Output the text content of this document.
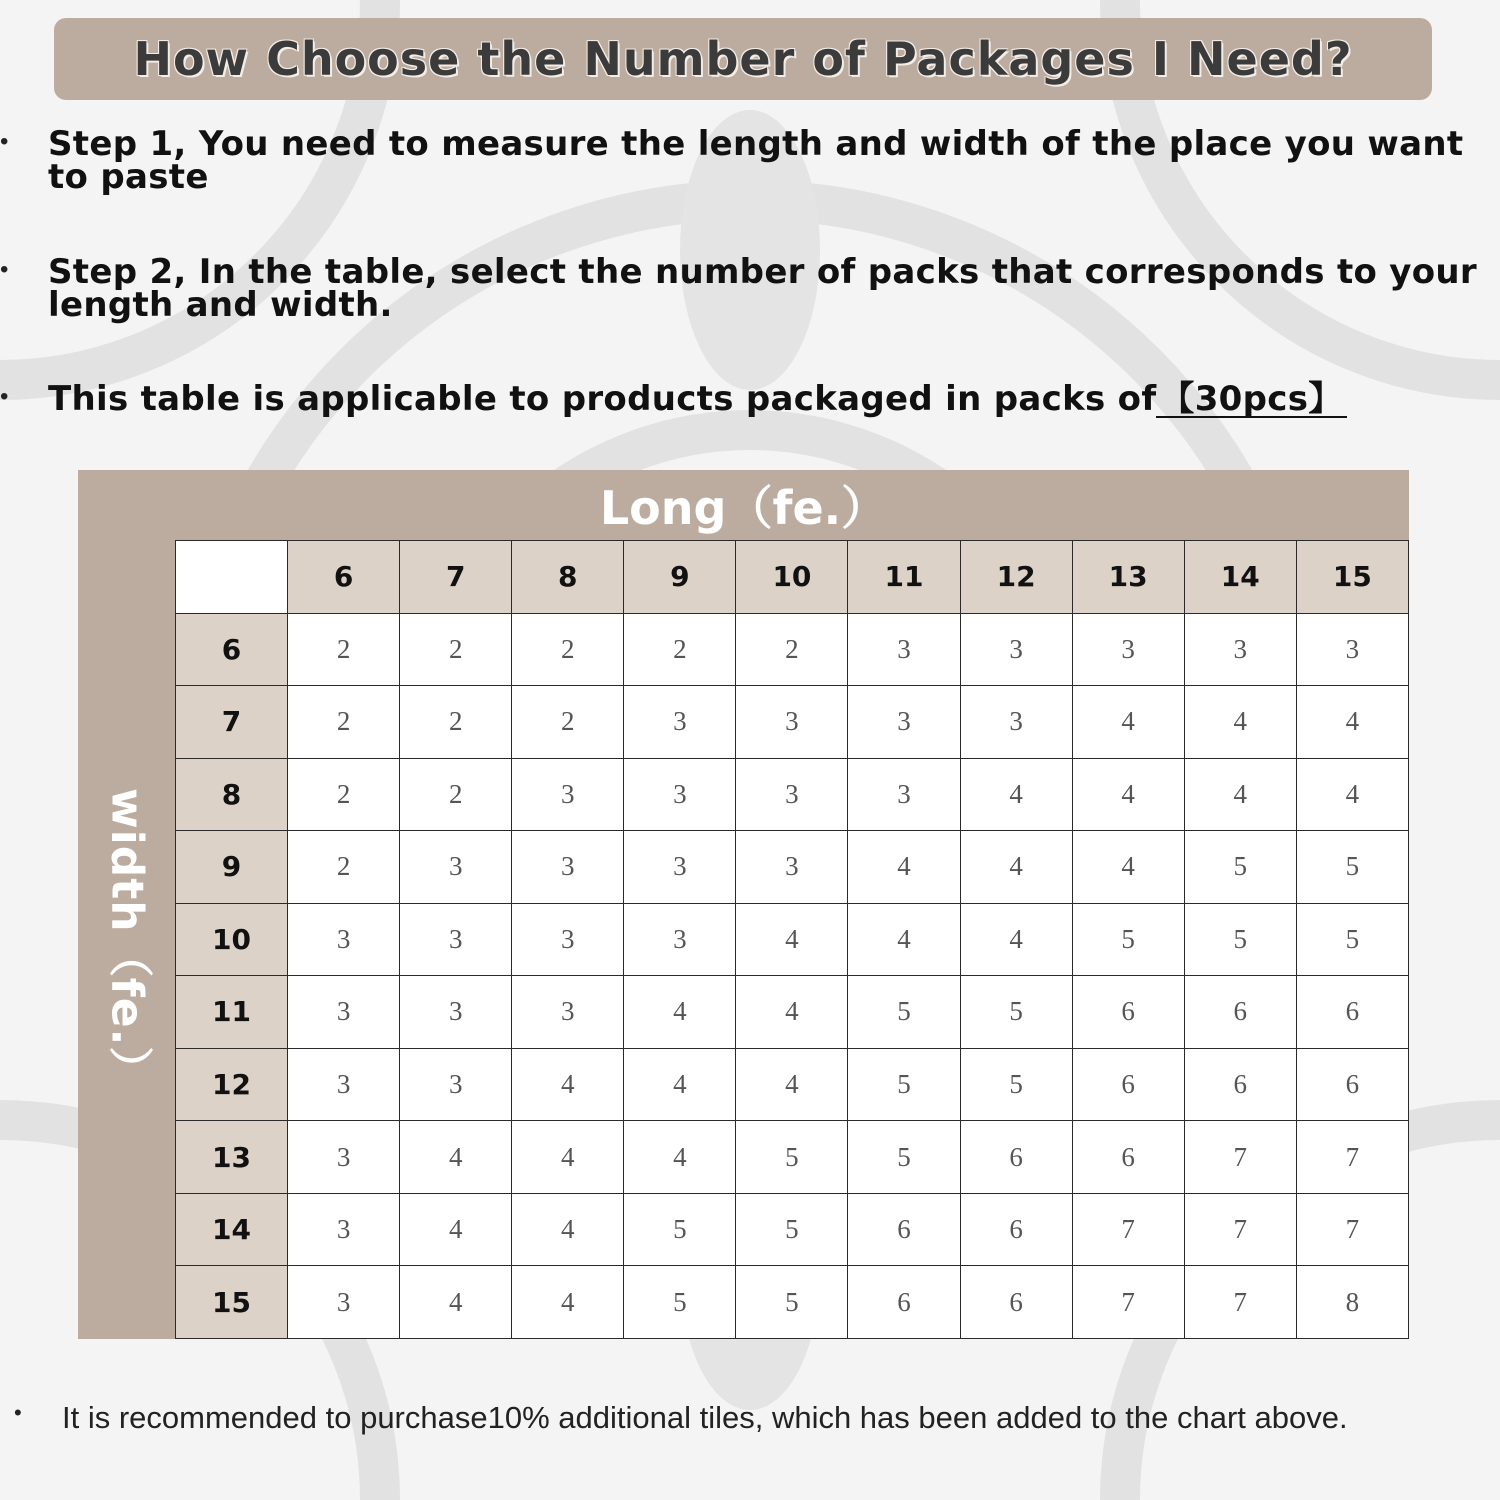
How Choose the Number of Packages I Need?
• Step 1, You need to measure the length and width of the place you want to paste
• Step 2, In the table, select the number of packs that corresponds to your length and width.
• This table is applicable to products packaged in packs of 【30pcs】
Long（fe.）
width（fe.）
	6	7	8	9	10	11	12	13	14	15
6	2	2	2	2	2	3	3	3	3	3
7	2	2	2	3	3	3	3	4	4	4
8	2	2	3	3	3	3	4	4	4	4
9	2	3	3	3	3	4	4	4	5	5
10	3	3	3	3	4	4	4	5	5	5
11	3	3	3	4	4	5	5	6	6	6
12	3	3	4	4	4	5	5	6	6	6
13	3	4	4	4	5	5	6	6	7	7
14	3	4	4	5	5	6	6	7	7	7
15	3	4	4	5	5	6	6	7	7	8
• It is recommended to purchase10% additional tiles, which has been added to the chart above.
